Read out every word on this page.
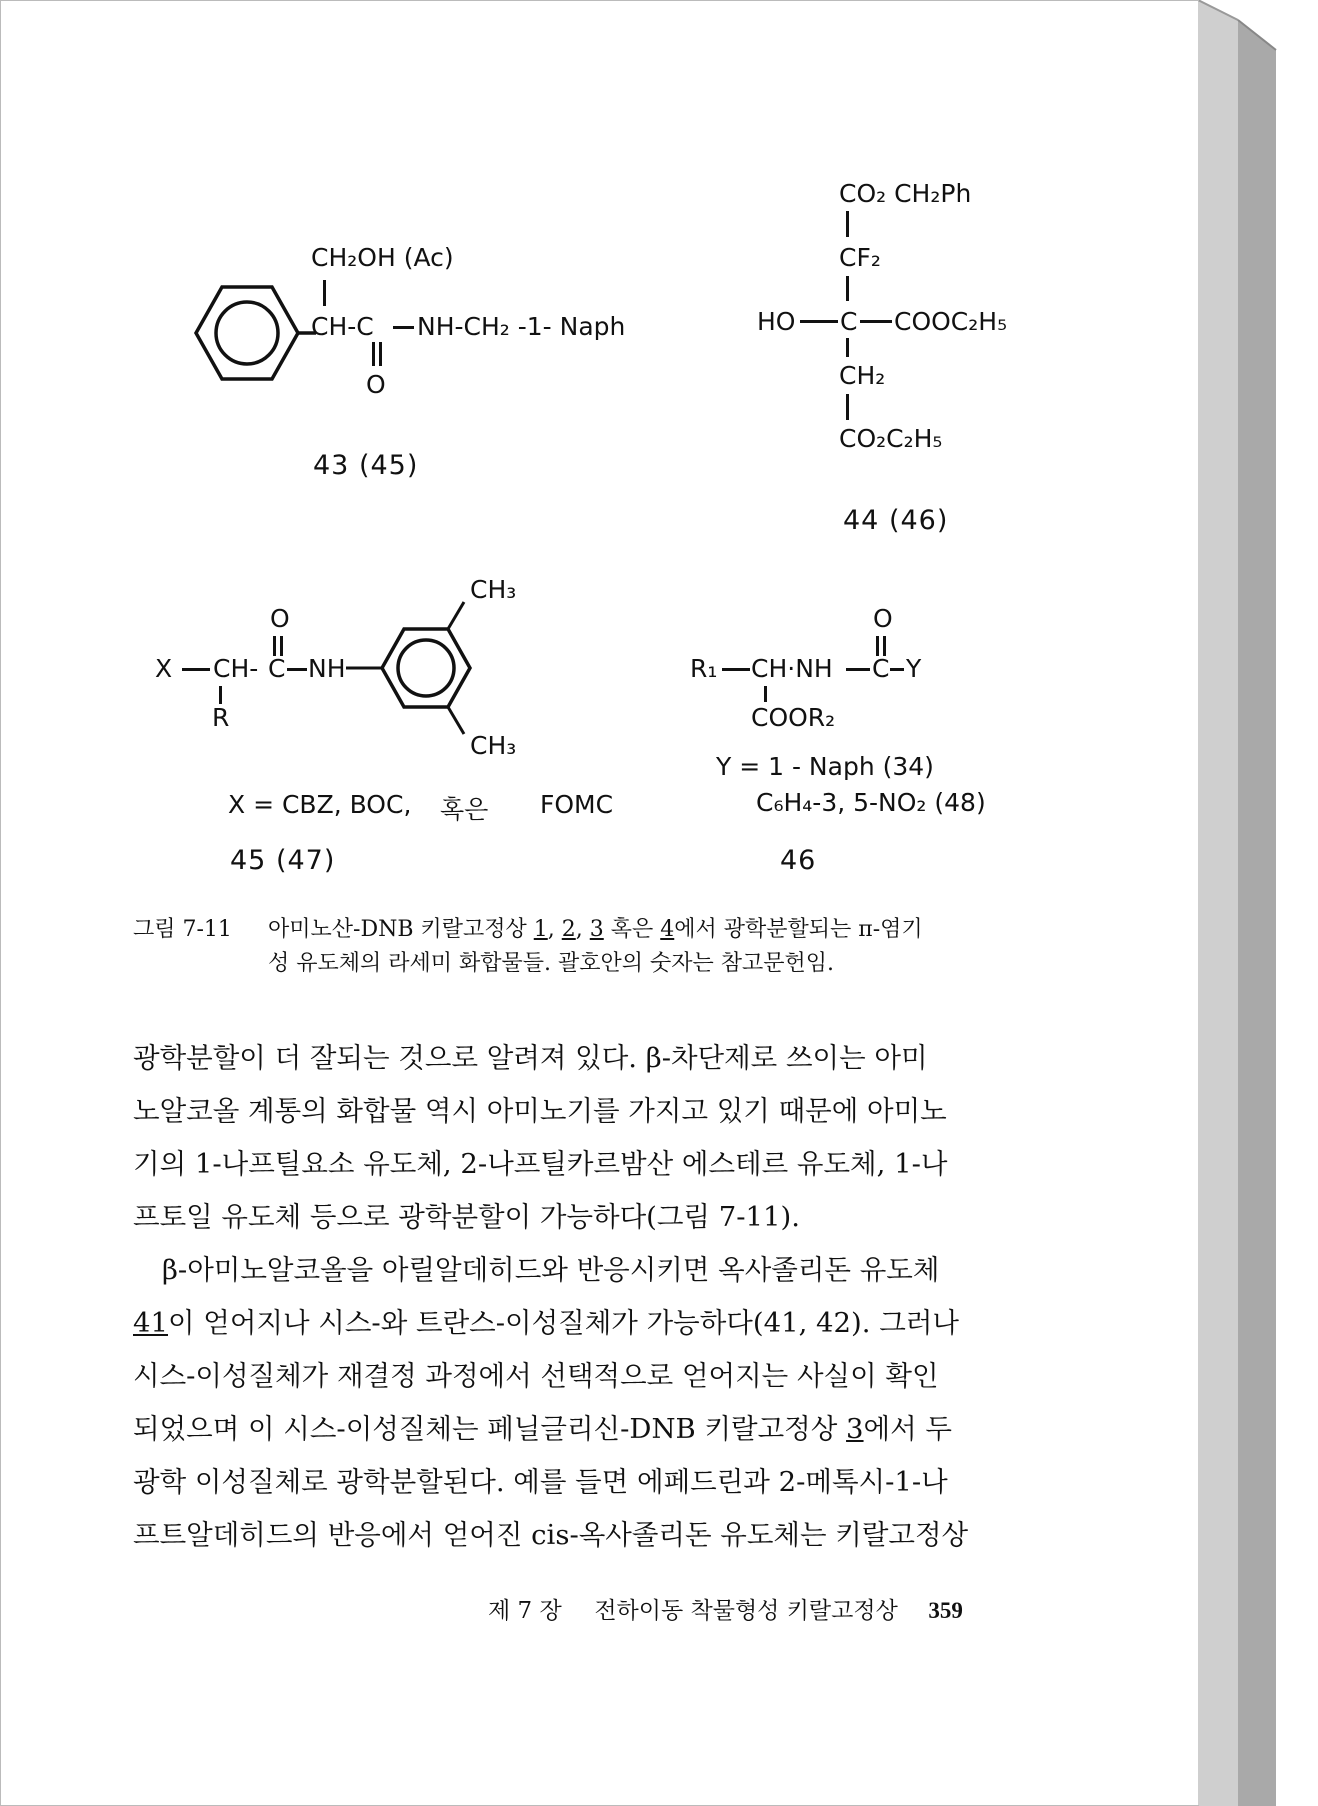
CH₂OH (Ac)
CH-C NH-CH₂ -1- Naph
O
43 (45)
CO₂ CH₂Ph
CF₂
HO C COOC₂H₅
CH₂
CO₂C₂H₅
44 (46)
CH₃
CH₃
O
X CH- C NH
R
X = CBZ, BOC, 혹은 FOMC
45 (47)
O
R₁ CH·NH C Y
COOR₂
Y = 1 - Naph (34)
C₆H₄-3, 5-NO₂ (48)
46
그림 7-11 아미노산-DNB 키랄고정상 1, 2, 3 혹은 4에서 광학분할되는 π-염기
성 유도체의 라세미 화합물들. 괄호안의 숫자는 참고문헌임.
광학분할이 더 잘되는 것으로 알려져 있다. β-차단제로 쓰이는 아미
노알코올 계통의 화합물 역시 아미노기를 가지고 있기 때문에 아미노
기의 1-나프틸요소 유도체, 2-나프틸카르밤산 에스테르 유도체, 1-나
프토일 유도체 등으로 광학분할이 가능하다(그림 7-11).
β-아미노알코올을 아릴알데히드와 반응시키면 옥사졸리돈 유도체
41이 얻어지나 시스-와 트란스-이성질체가 가능하다(41, 42). 그러나
시스-이성질체가 재결정 과정에서 선택적으로 얻어지는 사실이 확인
되었으며 이 시스-이성질체는 페닐글리신-DNB 키랄고정상 3에서 두
광학 이성질체로 광학분할된다. 예를 들면 에페드린과 2-메톡시-1-나
프트알데히드의 반응에서 얻어진 cis-옥사졸리돈 유도체는 키랄고정상
제 7 장 전하이동 착물형성 키랄고정상 359
